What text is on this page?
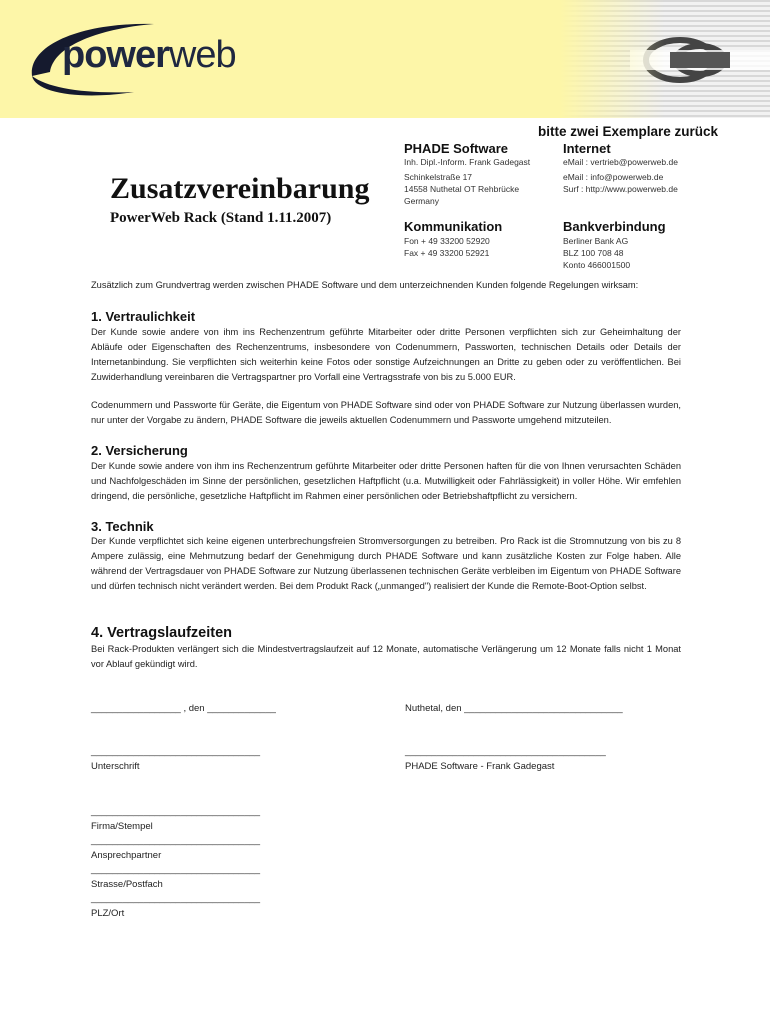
powerweb
bitte zwei Exemplare zurück
PHADE Software
Inh. Dipl.-Inform. Frank Gadegast
Schinkelstraße 17
14558 Nuthetal OT Rehbrücke
Germany
Internet
eMail : vertrieb@powerweb.de
eMail : info@powerweb.de
Surf : http://www.powerweb.de
Kommunikation
Fon + 49 33200 52920
Fax + 49 33200 52921
Bankverbindung
Berliner Bank AG
BLZ 100 708 48
Konto 466001500
Zusatzvereinbarung
PowerWeb Rack (Stand 1.11.2007)
Zusätzlich zum Grundvertrag werden zwischen PHADE Software und dem unterzeichnenden Kunden folgende Regelungen wirksam:
1. Vertraulichkeit
Der Kunde sowie andere von ihm ins Rechenzentrum geführte Mitarbeiter oder dritte Personen verpflichten sich zur Geheimhaltung der Abläufe oder Eigenschaften des Rechenzentrums, insbesondere von Codenummern, Passworten, technischen Details oder Details der Internetanbindung. Sie verpflichten sich weiterhin keine Fotos oder sonstige Aufzeichnungen an Dritte zu geben oder zu veröffentlichen. Bei Zuwiderhandlung vereinbaren die Vertragspartner pro Vorfall eine Vertragsstrafe von bis zu 5.000 EUR.
Codenummern und Passworte für Geräte, die Eigentum von PHADE Software sind oder von PHADE Software zur Nutzung überlassen wurden, nur unter der Vorgabe zu ändern, PHADE Software die jeweils aktuellen Codenummern und Passworte umgehend mitzuteilen.
2. Versicherung
Der Kunde sowie andere von ihm ins Rechenzentrum geführte Mitarbeiter oder dritte Personen haften für die von Ihnen verursachten Schäden und Nachfolgeschäden im Sinne der persönlichen, gesetzlichen Haftpflicht (u.a. Mutwilligkeit oder Fahrlässigkeit) in voller Höhe. Wir emfehlen dringend, die persönliche, gesetzliche Haftpflicht im Rahmen einer persönlichen oder Betriebshaftpflicht zu versichern.
3. Technik
Der Kunde verpflichtet sich keine eigenen unterbrechungsfreien Stromversorgungen zu betreiben. Pro Rack ist die Stromnutzung von bis zu 8 Ampere zulässig, eine Mehrnutzung bedarf der Genehmigung durch PHADE Software und kann zusätzliche Kosten zur Folge haben. Alle während der Vertragsdauer von PHADE Software zur Nutzung überlassenen technischen Geräte verbleiben im Eigentum von PHADE Software und dürfen technisch nicht verändert werden. Bei dem Produkt Rack („unmanged") realisiert der Kunde die Remote-Boot-Option selbst.
4. Vertragslaufzeiten
Bei Rack-Produkten verlängert sich die Mindestvertragslaufzeit auf 12 Monate, automatische Verlängerung um 12 Monate falls nicht 1 Monat vor Ablauf gekündigt wird.
_________________ , den _____________	Nuthetal, den ______________________________
________________________________	______________________________________
Unterschrift	PHADE Software - Frank Gadegast
________________________________
Firma/Stempel
________________________________
Ansprechpartner
________________________________
Strasse/Postfach
________________________________
PLZ/Ort
